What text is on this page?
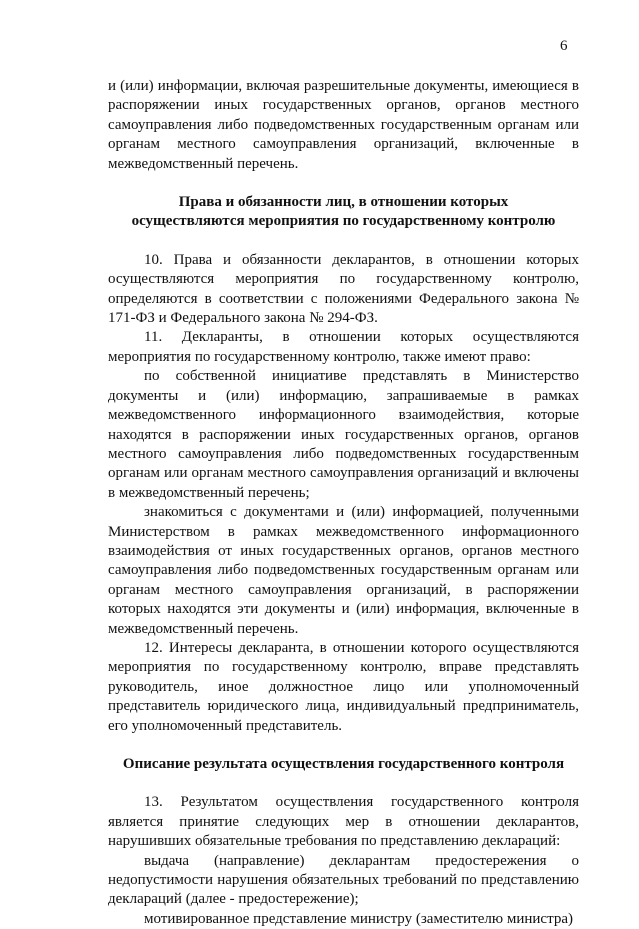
6

и (или) информации, включая разрешительные документы, имеющиеся в распоряжении иных государственных органов, органов местного самоуправления либо подведомственных государственным органам или органам местного самоуправления организаций, включенные в межведомственный перечень.

Права и обязанности лиц, в отношении которых

осуществляются мероприятия по государственному контролю

10. Права и обязанности декларантов, в отношении которых осуществляются мероприятия по государственному контролю, определяются в соответствии с положениями Федерального закона № 171-ФЗ и Федерального закона № 294-ФЗ.

11. Декларанты, в отношении которых осуществляются мероприятия по государственному контролю, также имеют право:

по собственной инициативе представлять в Министерство документы и (или) информацию, запрашиваемые в рамках межведомственного информационного взаимодействия, которые находятся в распоряжении иных государственных органов, органов местного самоуправления либо подведомственных государственным органам или органам местного самоуправления организаций и включены в межведомственный перечень;

знакомиться с документами и (или) информацией, полученными Министерством в рамках межведомственного информационного взаимодействия от иных государственных органов, органов местного самоуправления либо подведомственных государственным органам или органам местного самоуправления организаций, в распоряжении которых находятся эти документы и (или) информация, включенные в межведомственный перечень.

12. Интересы декларанта, в отношении которого осуществляются мероприятия по государственному контролю, вправе представлять руководитель, иное должностное лицо или уполномоченный представитель юридического лица, индивидуальный предприниматель, его уполномоченный представитель.

Описание результата осуществления государственного контроля

13. Результатом осуществления государственного контроля является принятие следующих мер в отношении декларантов, нарушивших обязательные требования по представлению деклараций:

выдача (направление) декларантам предостережения о недопустимости нарушения обязательных требований по представлению деклараций (далее - предостережение);

мотивированное представление министру (заместителю министра)
